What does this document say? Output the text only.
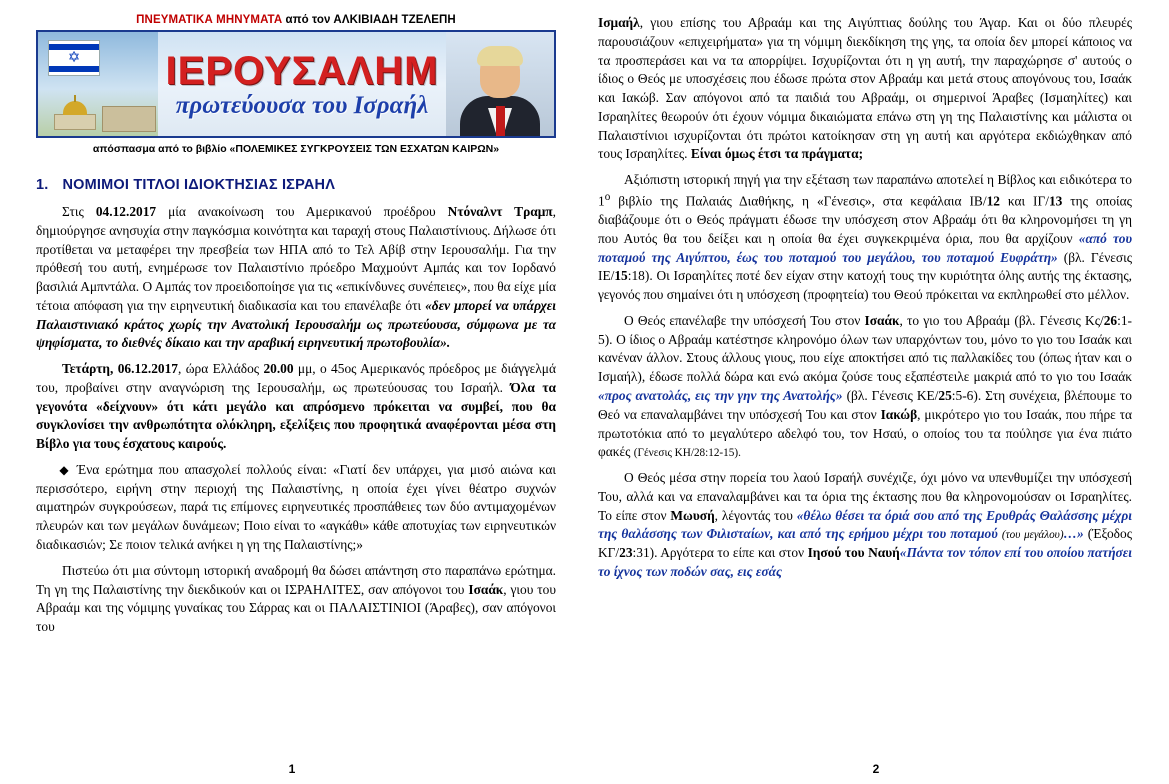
ΠΝΕΥΜΑΤΙΚΑ ΜΗΝΥΜΑΤΑ από τον ΑΛΚΙΒΙΑΔΗ ΤΖΕΛΕΠΗ
✡ ΙΕΡΟΥΣΑΛΗΜ
πρωτεύουσα του Ισραήλ
απόσπασμα από το βιβλίο «ΠΟΛΕΜΙΚΕΣ ΣΥΓΚΡΟΥΣΕΙΣ ΤΩΝ ΕΣΧΑΤΩΝ ΚΑΙΡΩΝ»
1. ΝΟΜΙΜΟΙ ΤΙΤΛΟΙ ΙΔΙΟΚΤΗΣΙΑΣ ΙΣΡΑΗΛ

Στις 04.12.2017 μία ανακοίνωση του Αμερικανού προέδρου Ντόναλντ Τραμπ, δημιούργησε ανησυχία στην παγκόσμια κοινότητα και ταραχή στους Παλαιστίνιους. Δήλωσε ότι προτίθεται να μεταφέρει την πρεσβεία των ΗΠΑ από το Τελ Αβίβ στην Ιερουσαλήμ. Για την πρόθεσή του αυτή, ενημέρωσε τον Παλαιστίνιο πρόεδρο Μαχμούντ Αμπάς και τον Ιορδανό βασιλιά Αμπντάλα. Ο Αμπάς τον προειδοποίησε για τις «επικίνδυνες συνέπειες», που θα είχε μία τέτοια απόφαση για την ειρηνευτική διαδικασία και του επανέλαβε ότι «δεν μπορεί να υπάρχει Παλαιστινιακό κράτος χωρίς την Ανατολική Ιερουσαλήμ ως πρωτεύουσα, σύμφωνα με τα ψηφίσματα, το διεθνές δίκαιο και την αραβική ειρηνευτική πρωτοβουλία».

Τετάρτη, 06.12.2017, ώρα Ελλάδος 20.00 μμ, ο 45ος Αμερικανός πρόεδρος με διάγγελμά του, προβαίνει στην αναγνώριση της Ιερουσαλήμ, ως πρωτεύουσας του Ισραήλ. Όλα τα γεγονότα «δείχνουν» ότι κάτι μεγάλο και απρόσμενο πρόκειται να συμβεί, που θα συγκλονίσει την ανθρωπότητα ολόκληρη, εξελίξεις που προφητικά αναφέρονται μέσα στη Βίβλο για τους έσχατους καιρούς.

◆ Ένα ερώτημα που απασχολεί πολλούς είναι: «Γιατί δεν υπάρχει, για μισό αιώνα και περισσότερο, ειρήνη στην περιοχή της Παλαιστίνης, η οποία έχει γίνει θέατρο συχνών αιματηρών συγκρούσεων, παρά τις επίμονες ειρηνευτικές προσπάθειες των δύο αντιμαχομένων πλευρών και των μεγάλων δυνάμεων; Ποιο είναι το «αγκάθι» κάθε αποτυχίας των ειρηνευτικών διαδικασιών; Σε ποιον τελικά ανήκει η γη της Παλαιστίνης;»

Πιστεύω ότι μια σύντομη ιστορική αναδρομή θα δώσει απάντηση στο παραπάνω ερώτημα. Τη γη της Παλαιστίνης την διεκδικούν και οι ΙΣΡΑΗΛΙΤΕΣ, σαν απόγονοι του Ισαάκ, γιου του Αβραάμ και της νόμιμης γυναίκας του Σάρρας και οι ΠΑΛΑΙΣΤΙΝΙΟΙ (Άραβες), σαν απόγονοι του

1

Ισμαήλ, γιου επίσης του Αβραάμ και της Αιγύπτιας δούλης του Άγαρ. Και οι δύο πλευρές παρουσιάζουν «επιχειρήματα» για τη νόμιμη διεκδίκηση της γης, τα οποία δεν μπορεί κάποιος να τα προσπεράσει και να τα απορρίψει. Ισχυρίζονται ότι η γη αυτή, την παραχώρησε σ' αυτούς ο ίδιος ο Θεός με υποσχέσεις που έδωσε πρώτα στον Αβραάμ και μετά στους απογόνους του, Ισαάκ και Ιακώβ. Σαν απόγονοι από τα παιδιά του Αβραάμ, οι σημερινοί Άραβες (Ισμαηλίτες) και Ισραηλίτες θεωρούν ότι έχουν νόμιμα δικαιώματα επάνω στη γη της Παλαιστίνης και μάλιστα οι Παλαιστίνιοι ισχυρίζονται ότι πρώτοι κατοίκησαν στη γη αυτή και αργότερα εκδιώχθηκαν από τους Ισραηλίτες. Είναι όμως έτσι τα πράγματα;

Αξιόπιστη ιστορική πηγή για την εξέταση των παραπάνω αποτελεί η Βίβλος και ειδικότερα το $1^o$ βιβλίο της Παλαιάς Διαθήκης, η «Γένεσις», στα κεφάλαια ΙΒ/12 και ΙΓ/13 της οποίας διαβάζουμε ότι ο Θεός πράγματι έδωσε την υπόσχεση στον Αβραάμ ότι θα κληρονομήσει τη γη που Αυτός θα του δείξει και η οποία θα έχει συγκεκριμένα όρια, που θα αρχίζουν «από του ποταμού της Αιγύπτου, έως του ποταμού του μεγάλου, του ποταμού Ευφράτη» (βλ. Γένεσις ΙΕ/15:18). Οι Ισραηλίτες ποτέ δεν είχαν στην κατοχή τους την κυριότητα όλης αυτής της έκτασης, γεγονός που σημαίνει ότι η υπόσχεση (προφητεία) του Θεού πρόκειται να εκπληρωθεί στο μέλλον.

Ο Θεός επανέλαβε την υπόσχεσή Του στον Ισαάκ, το γιο του Αβραάμ (βλ. Γένεσις Κς/26:1-5). Ο ίδιος ο Αβραάμ κατέστησε κληρονόμο όλων των υπαρχόντων του, μόνο το γιο του Ισαάκ και κανέναν άλλον. Στους άλλους γιους, που είχε αποκτήσει από τις παλλακίδες του (όπως ήταν και ο Ισμαήλ), έδωσε πολλά δώρα και ενώ ακόμα ζούσε τους εξαπέστειλε μακριά από το γιο του Ισαάκ «προς ανατολάς, εις την γην της Ανατολής» (βλ. Γένεσις ΚΕ/25:5-6). Στη συνέχεια, βλέπουμε το Θεό να επαναλαμβάνει την υπόσχεσή Του και στον Ιακώβ, μικρότερο γιο του Ισαάκ, που πήρε τα πρωτοτόκια από το μεγαλύτερο αδελφό του, τον Ησαύ, ο οποίος του τα πούλησε για ένα πιάτο φακές (Γένεσις ΚΗ/28:12-15).

Ο Θεός μέσα στην πορεία του λαού Ισραήλ συνέχιζε, όχι μόνο να υπενθυμίζει την υπόσχεσή Του, αλλά και να επαναλαμβάνει και τα όρια της έκτασης που θα κληρονομούσαν οι Ισραηλίτες. Το είπε στον Μωυσή, λέγοντάς του «θέλω θέσει τα όριά σου από της Ερυθράς Θαλάσσης μέχρι της θαλάσσης των Φιλισταίων, και από της ερήμου μέχρι του ποταμού (του μεγάλου)…» (Έξοδος ΚΓ/23:31). Αργότερα το είπε και στον Ιησού του Ναυή«Πάντα τον τόπον επί του οποίου πατήσει το ίχνος των ποδών σας, εις εσάς

2
